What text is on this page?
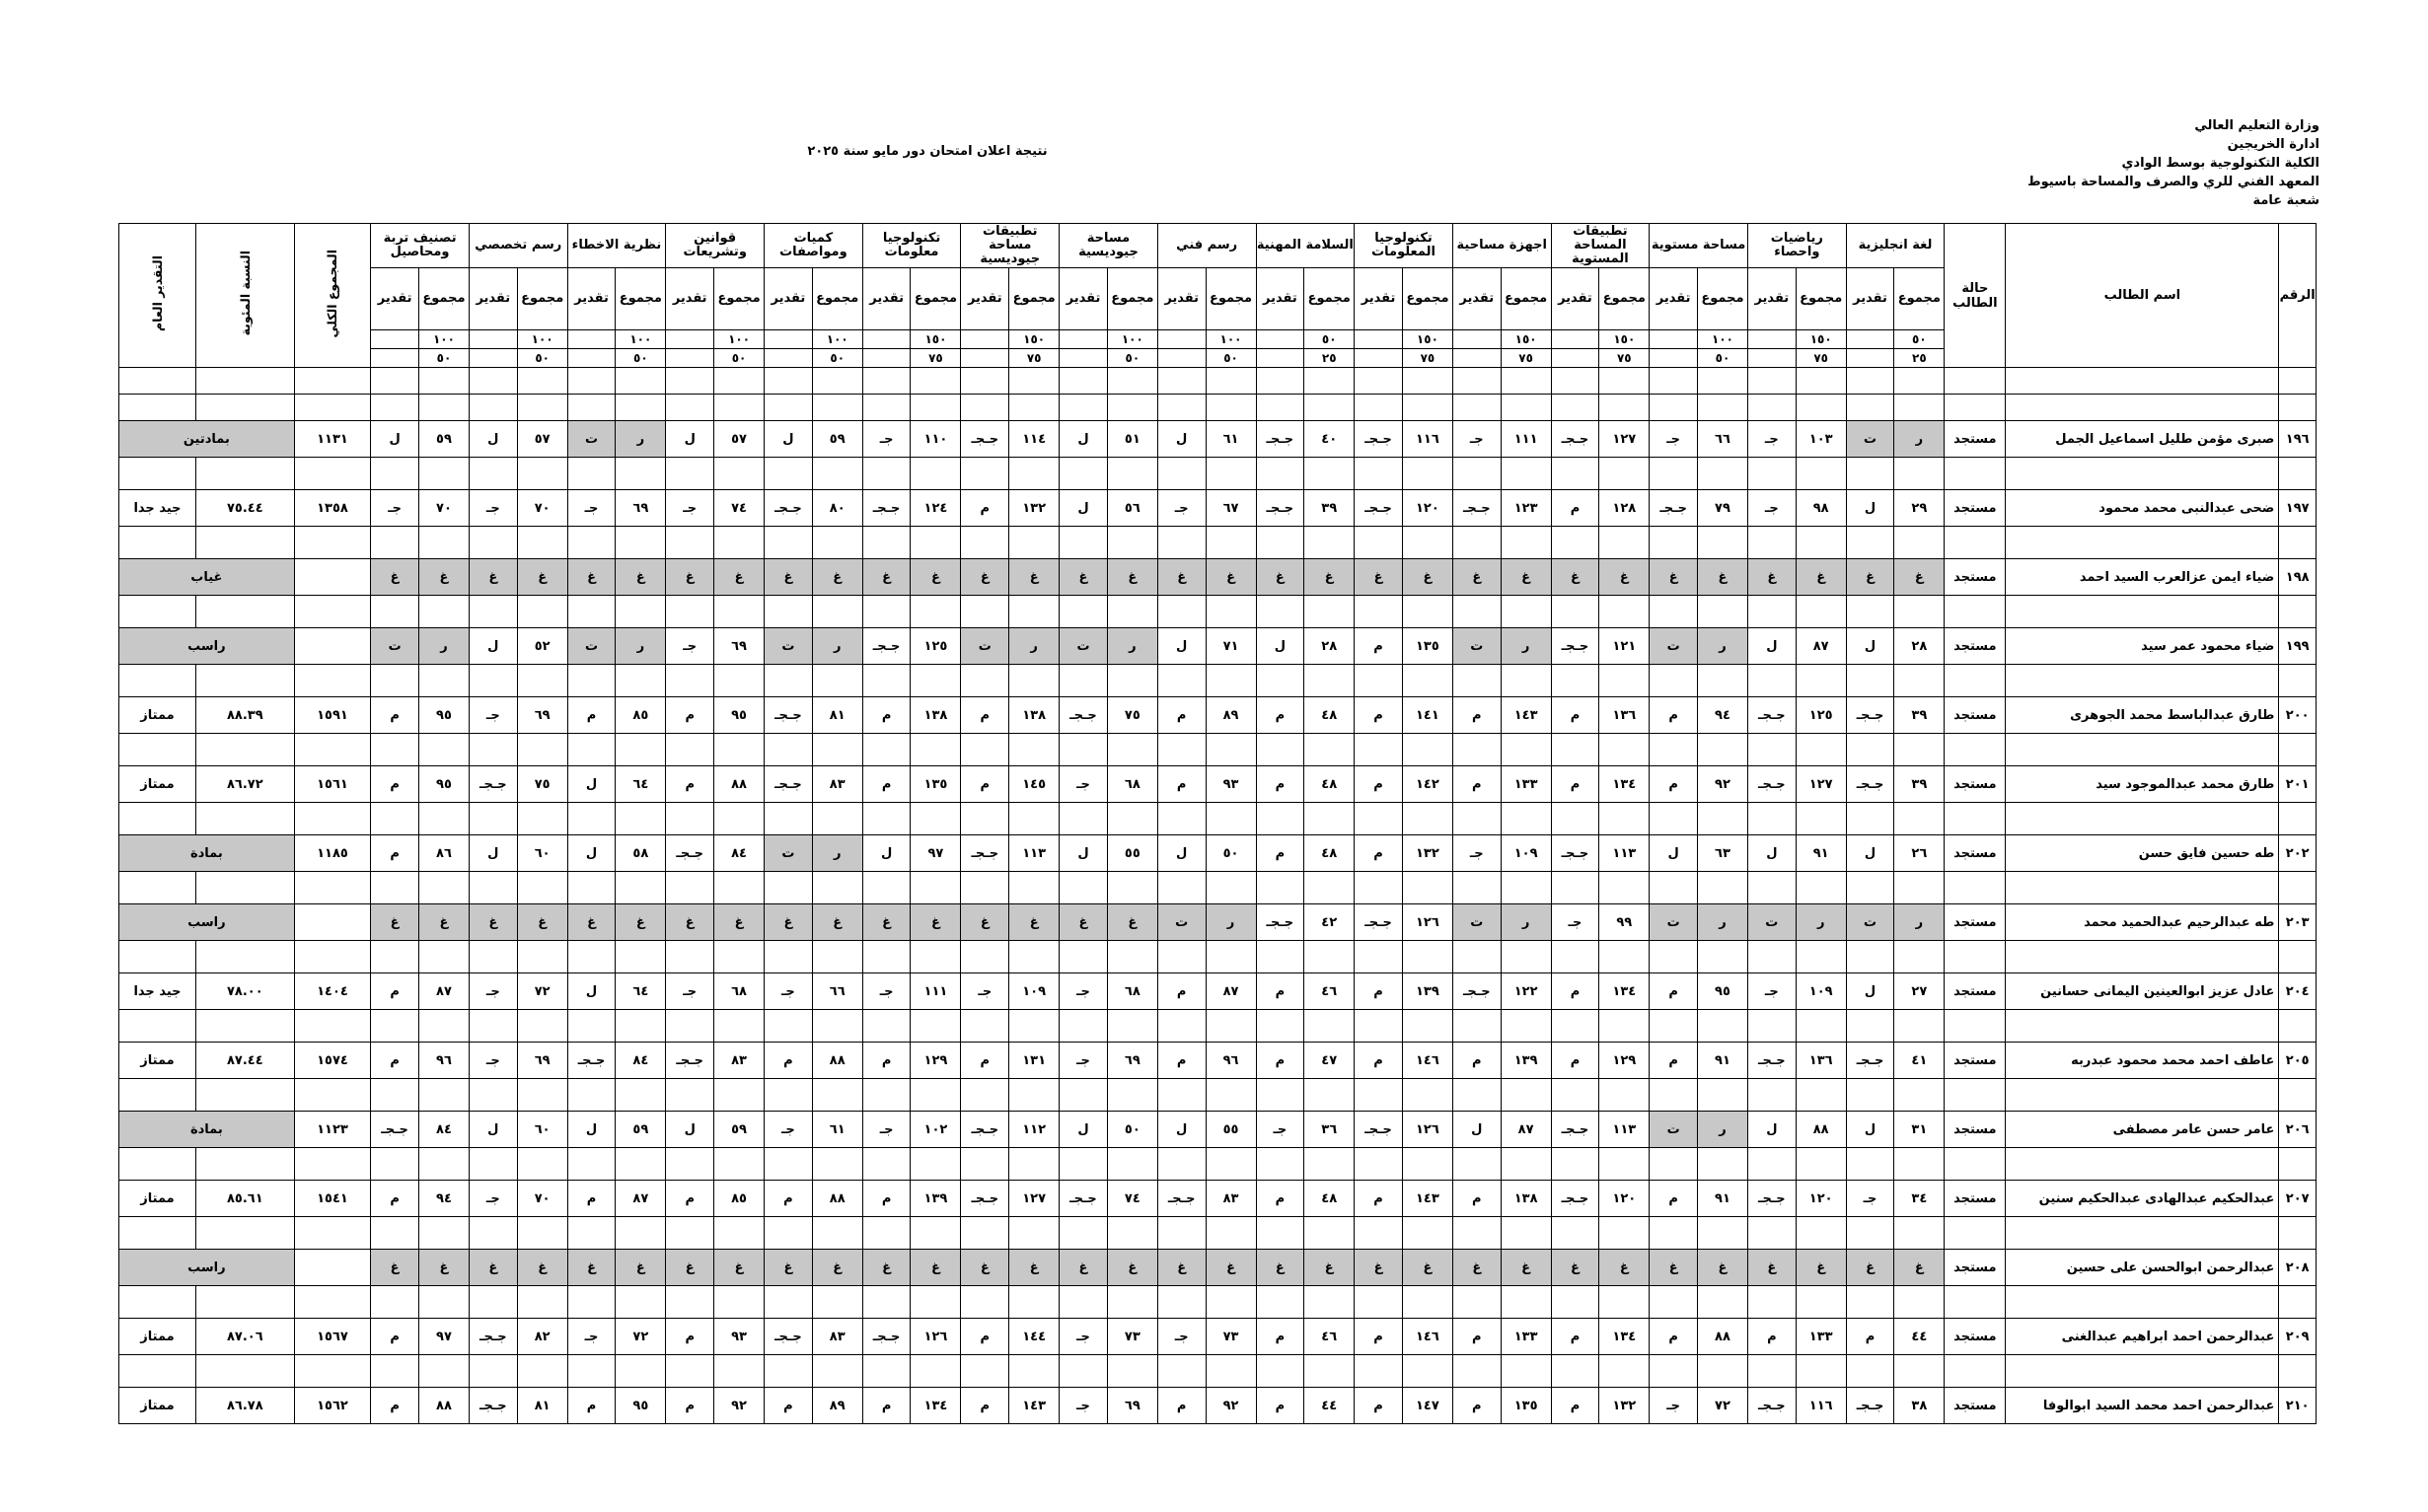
وزارة التعليم العالي
ادارة الخريجين
الكلية التكنولوجية بوسط الوادي
المعهد الفني للري والصرف والمساحة باسيوط
شعبة عامة
نتيجة اعلان امتحان دور مايو سنة ٢٠٢٥
الرقم	اسم الطالب	حالة الطالب	لغة انجليزية		رياضيات واحصاء		مساحة مستوية		تطبيقات المساحة المستوية		اجهزة مساحية		تكنولوجيا المعلومات		السلامة المهنية		رسم فني		مساحة جيوديسية		تطبيقات مساحة جيوديسية		تكنولوجيا معلومات		كميات ومواصفات		قوانين وتشريعات		نظرية الاخطاء		رسم تخصصي		تصنيف تربة ومحاصيل		المجموع الكلي	النسبة المئوية	التقدير العام
			مجموع	تقدير	مجموع	تقدير	مجموع	تقدير	مجموع	تقدير	مجموع	تقدير	مجموع	تقدير	مجموع	تقدير	مجموع	تقدير	مجموع	تقدير	مجموع	تقدير	مجموع	تقدير	مجموع	تقدير	مجموع	تقدير	مجموع	تقدير	مجموع	تقدير	مجموع	تقدير			
			٥٠		١٥٠		١٠٠		١٥٠		١٥٠		١٥٠		٥٠		١٠٠		١٠٠		١٥٠		١٥٠		١٠٠		١٠٠		١٠٠		١٠٠		١٠٠				
			٢٥		٧٥		٥٠		٧٥		٧٥		٧٥		٢٥		٥٠		٥٠		٧٥		٧٥		٥٠		٥٠		٥٠		٥٠		٥٠				

١٩٦	صبرى مؤمن طليل اسماعيل الجمل	مستجد	ر	ت	١٠٣	جـ	٦٦	جـ	١٢٧	جـجـ	١١١	جـ	١١٦	جـجـ	٤٠	جـجـ	٦١	ل	٥١	ل	١١٤	جـجـ	١١٠	جـ	٥٩	ل	٥٧	ل	ر	ت	٥٧	ل	٥٩	ل	١١٣١	بمادتين	

١٩٧	ضحى عبدالنبى محمد محمود	مستجد	٢٩	ل	٩٨	جـ	٧٩	جـجـ	١٢٨	م	١٢٣	جـجـ	١٢٠	جـجـ	٣٩	جـجـ	٦٧	جـ	٥٦	ل	١٣٢	م	١٢٤	جـجـ	٨٠	جـجـ	٧٤	جـ	٦٩	جـ	٧٠	جـ	٧٠	جـ	١٣٥٨	٧٥.٤٤	جيد جدا

١٩٨	ضياء ايمن عزالعرب السيد احمد	مستجد	غ	غ	غ	غ	غ	غ	غ	غ	غ	غ	غ	غ	غ	غ	غ	غ	غ	غ	غ	غ	غ	غ	غ	غ	غ	غ	غ	غ	غ	غ	غ	غ		غياب	

١٩٩	ضياء محمود عمر سيد	مستجد	٢٨	ل	٨٧	ل	ر	ت	١٢١	جـجـ	ر	ت	١٣٥	م	٢٨	ل	٧١	ل	ر	ت	ر	ت	١٢٥	جـجـ	ر	ت	٦٩	جـ	ر	ت	٥٢	ل	ر	ت		راسب	

٢٠٠	طارق عبدالباسط محمد الجوهرى	مستجد	٣٩	جـجـ	١٢٥	جـجـ	٩٤	م	١٣٦	م	١٤٣	م	١٤١	م	٤٨	م	٨٩	م	٧٥	جـجـ	١٣٨	م	١٣٨	م	٨١	جـجـ	٩٥	م	٨٥	م	٦٩	جـ	٩٥	م	١٥٩١	٨٨.٣٩	ممتاز

٢٠١	طارق محمد عبدالموجود سيد	مستجد	٣٩	جـجـ	١٢٧	جـجـ	٩٢	م	١٣٤	م	١٣٣	م	١٤٢	م	٤٨	م	٩٣	م	٦٨	جـ	١٤٥	م	١٣٥	م	٨٣	جـجـ	٨٨	م	٦٤	ل	٧٥	جـجـ	٩٥	م	١٥٦١	٨٦.٧٢	ممتاز

٢٠٢	طه حسين فايق حسن	مستجد	٢٦	ل	٩١	ل	٦٣	ل	١١٣	جـجـ	١٠٩	جـ	١٣٢	م	٤٨	م	٥٠	ل	٥٥	ل	١١٣	جـجـ	٩٧	ل	ر	ت	٨٤	جـجـ	٥٨	ل	٦٠	ل	٨٦	م	١١٨٥	بمادة	

٢٠٣	طه عبدالرحيم عبدالحميد محمد	مستجد	ر	ت	ر	ت	ر	ت	٩٩	جـ	ر	ت	١٢٦	جـجـ	٤٢	جـجـ	ر	ت	غ	غ	غ	غ	غ	غ	غ	غ	غ	غ	غ	غ	غ	غ	غ	غ		راسب	

٢٠٤	عادل عزيز ابوالعينين اليمانى حسانين	مستجد	٢٧	ل	١٠٩	جـ	٩٥	م	١٣٤	م	١٢٢	جـجـ	١٣٩	م	٤٦	م	٨٧	م	٦٨	جـ	١٠٩	جـ	١١١	جـ	٦٦	جـ	٦٨	جـ	٦٤	ل	٧٢	جـ	٨٧	م	١٤٠٤	٧٨.٠٠	جيد جدا

٢٠٥	عاطف احمد محمد محمود عبدربه	مستجد	٤١	جـجـ	١٣٦	جـجـ	٩١	م	١٢٩	م	١٣٩	م	١٤٦	م	٤٧	م	٩٦	م	٦٩	جـ	١٣١	م	١٢٩	م	٨٨	م	٨٣	جـجـ	٨٤	جـجـ	٦٩	جـ	٩٦	م	١٥٧٤	٨٧.٤٤	ممتاز

٢٠٦	عامر حسن عامر مصطفى	مستجد	٣١	ل	٨٨	ل	ر	ت	١١٣	جـجـ	٨٧	ل	١٢٦	جـجـ	٣٦	جـ	٥٥	ل	٥٠	ل	١١٢	جـجـ	١٠٢	جـ	٦١	جـ	٥٩	ل	٥٩	ل	٦٠	ل	٨٤	جـجـ	١١٢٣	بمادة	

٢٠٧	عبدالحكيم عبدالهادى عبدالحكيم سنين	مستجد	٣٤	جـ	١٢٠	جـجـ	٩١	م	١٢٠	جـجـ	١٣٨	م	١٤٣	م	٤٨	م	٨٣	جـجـ	٧٤	جـجـ	١٢٧	جـجـ	١٣٩	م	٨٨	م	٨٥	م	٨٧	م	٧٠	جـ	٩٤	م	١٥٤١	٨٥.٦١	ممتاز

٢٠٨	عبدالرحمن ابوالحسن على حسين	مستجد	غ	غ	غ	غ	غ	غ	غ	غ	غ	غ	غ	غ	غ	غ	غ	غ	غ	غ	غ	غ	غ	غ	غ	غ	غ	غ	غ	غ	غ	غ	غ	غ		راسب	

٢٠٩	عبدالرحمن احمد ابراهيم عبدالغنى	مستجد	٤٤	م	١٣٣	م	٨٨	م	١٣٤	م	١٣٣	م	١٤٦	م	٤٦	م	٧٣	جـ	٧٣	جـ	١٤٤	م	١٢٦	جـجـ	٨٣	جـجـ	٩٣	م	٧٢	جـ	٨٢	جـجـ	٩٧	م	١٥٦٧	٨٧.٠٦	ممتاز

٢١٠	عبدالرحمن احمد محمد السيد ابوالوفا	مستجد	٣٨	جـجـ	١١٦	جـجـ	٧٢	جـ	١٣٢	م	١٣٥	م	١٤٧	م	٤٤	م	٩٢	م	٦٩	جـ	١٤٣	م	١٣٤	م	٨٩	م	٩٢	م	٩٥	م	٨١	جـجـ	٨٨	م	١٥٦٢	٨٦.٧٨	ممتاز
